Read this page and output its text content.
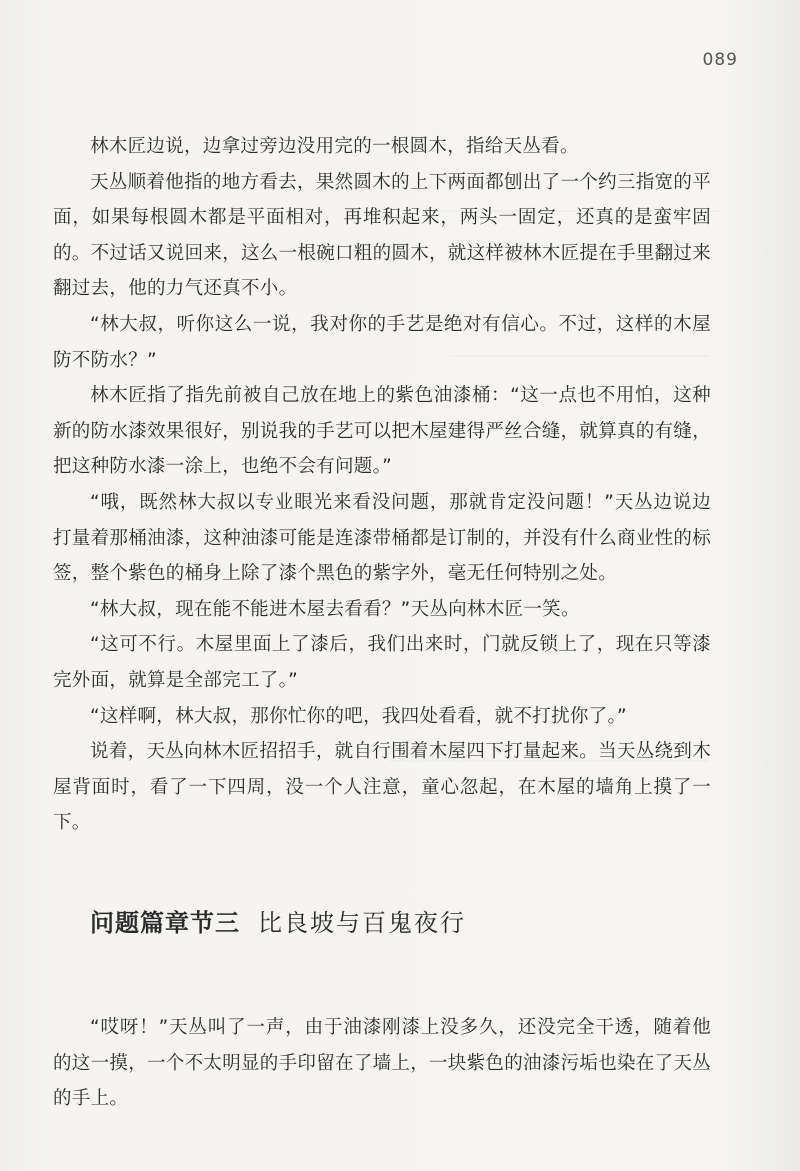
089

林木匠边说，边拿过旁边没用完的一根圆木，指给天丛看。

天丛顺着他指的地方看去，果然圆木的上下两面都刨出了一个约三指宽的平面，如果每根圆木都是平面相对，再堆积起来，两头一固定，还真的是蛮牢固的。不过话又说回来，这么一根碗口粗的圆木，就这样被林木匠提在手里翻过来翻过去，他的力气还真不小。

“林大叔，听你这么一说，我对你的手艺是绝对有信心。不过，这样的木屋防不防水？”

林木匠指了指先前被自己放在地上的紫色油漆桶：“这一点也不用怕，这种新的防水漆效果很好，别说我的手艺可以把木屋建得严丝合缝，就算真的有缝，把这种防水漆一涂上，也绝不会有问题。”

“哦，既然林大叔以专业眼光来看没问题，那就肯定没问题！”天丛边说边打量着那桶油漆，这种油漆可能是连漆带桶都是订制的，并没有什么商业性的标签，整个紫色的桶身上除了漆个黑色的紫字外，毫无任何特别之处。

“林大叔，现在能不能进木屋去看看？”天丛向林木匠一笑。

“这可不行。木屋里面上了漆后，我们出来时，门就反锁上了，现在只等漆完外面，就算是全部完工了。”

“这样啊，林大叔，那你忙你的吧，我四处看看，就不打扰你了。”

说着，天丛向林木匠招招手，就自行围着木屋四下打量起来。当天丛绕到木屋背面时，看了一下四周，没一个人注意，童心忽起，在木屋的墙角上摸了一下。

问题篇章节三 比良坡与百鬼夜行

“哎呀！”天丛叫了一声，由于油漆刚漆上没多久，还没完全干透，随着他的这一摸，一个不太明显的手印留在了墙上，一块紫色的油漆污垢也染在了天丛的手上。
